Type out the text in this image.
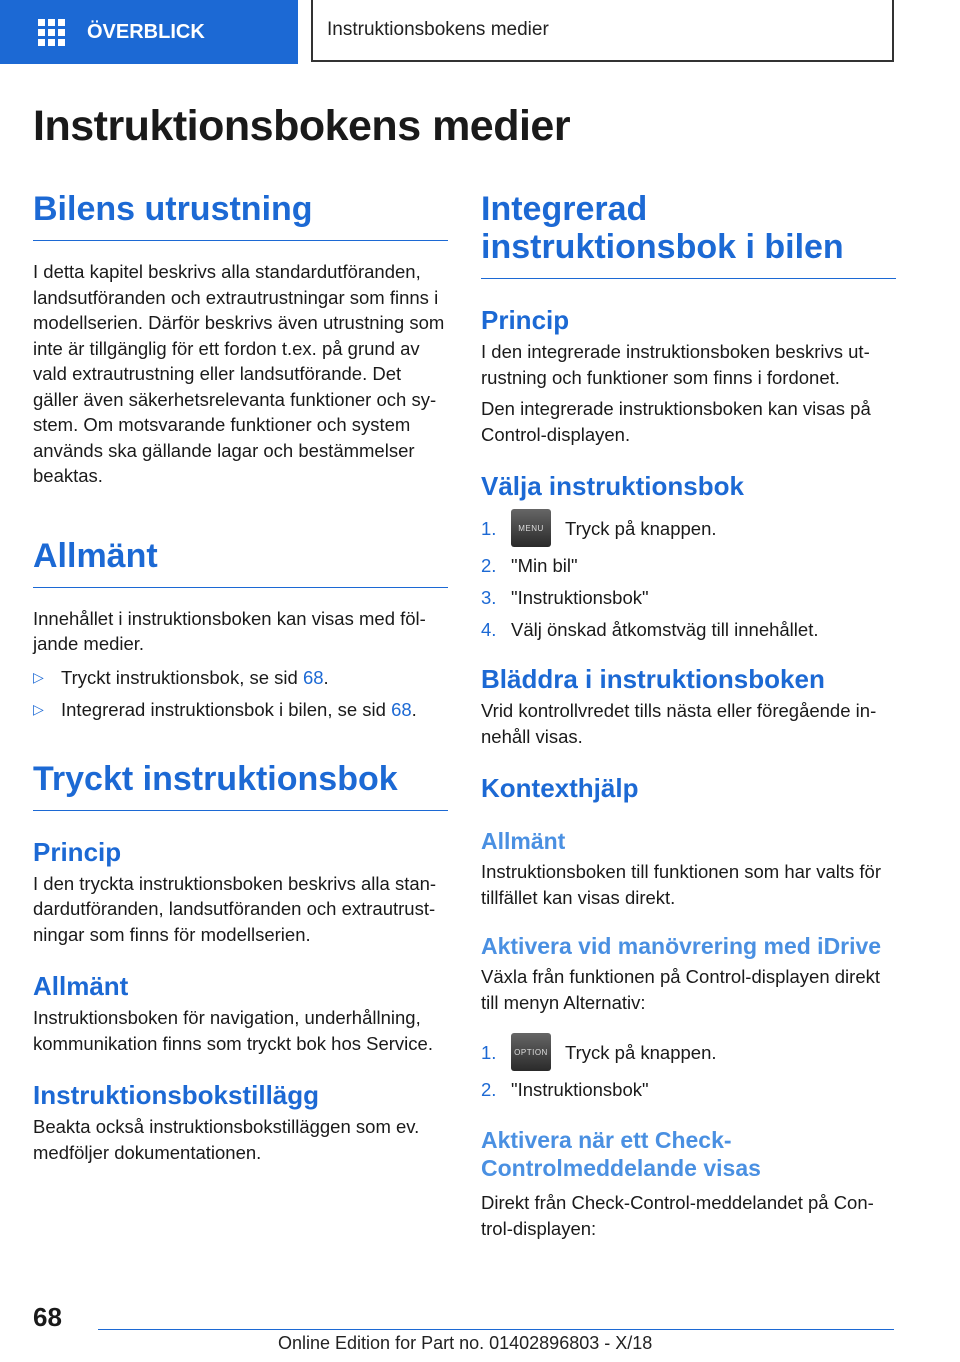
ÖVERBLICK	Instruktionsbokens medier
Instruktionsbokens medier
Bilens utrustning

I detta kapitel beskrivs alla standardutföranden, landsutföranden och extrautrustningar som finns i modellserien. Därför beskrivs även utrustning som inte är tillgänglig för ett fordon t.ex. på grund av vald extrautrustning eller landsutförande. Det gäller även säkerhetsrelevanta funktioner och system. Om motsvarande funktioner och system används ska gällande lagar och bestämmelser beaktas.

Allmänt

Innehållet i instruktionsboken kan visas med följande medier.

▷ Tryckt instruktionsbok, se sid 68.
▷ Integrerad instruktionsbok i bilen, se sid 68.
Tryckt instruktionsbok
Princip

I den tryckta instruktionsboken beskrivs alla standardutföranden, landsutföranden och extrautrustningar som finns för modellserien.

Allmänt

Instruktionsboken för navigation, underhållning, kommunikation finns som tryckt bok hos Service.

Instruktionsbokstillägg

Beakta också instruktionsbokstilläggen som ev. medföljer dokumentationen.

Integrerad instruktionsbok i bilen
Princip

I den integrerade instruktionsboken beskrivs utrustning och funktioner som finns i fordonet.

Den integrerade instruktionsboken kan visas på Control-displayen.

Välja instruktionsbok
1.	MENU	Tryck på knappen.
2. "Min bil"
3. "Instruktionsbok"
4. Välj önskad åtkomstväg till innehållet.
Bläddra i instruktionsboken

Vrid kontrollvredet tills nästa eller föregående innehåll visas.

Kontexthjälp
Allmänt

Instruktionsboken till funktionen som har valts för tillfället kan visas direkt.

Aktivera vid manövrering med iDrive

Växla från funktionen på Control-displayen direkt till menyn Alternativ:

1.	OPTION Tryck på knappen.
2. "Instruktionsbok"
Aktivera när ett Check-Controlmeddelande visas

Direkt från Check-Control-meddelandet på Control-displayen:

68
Online Edition for Part no. 01402896803 - X/18
